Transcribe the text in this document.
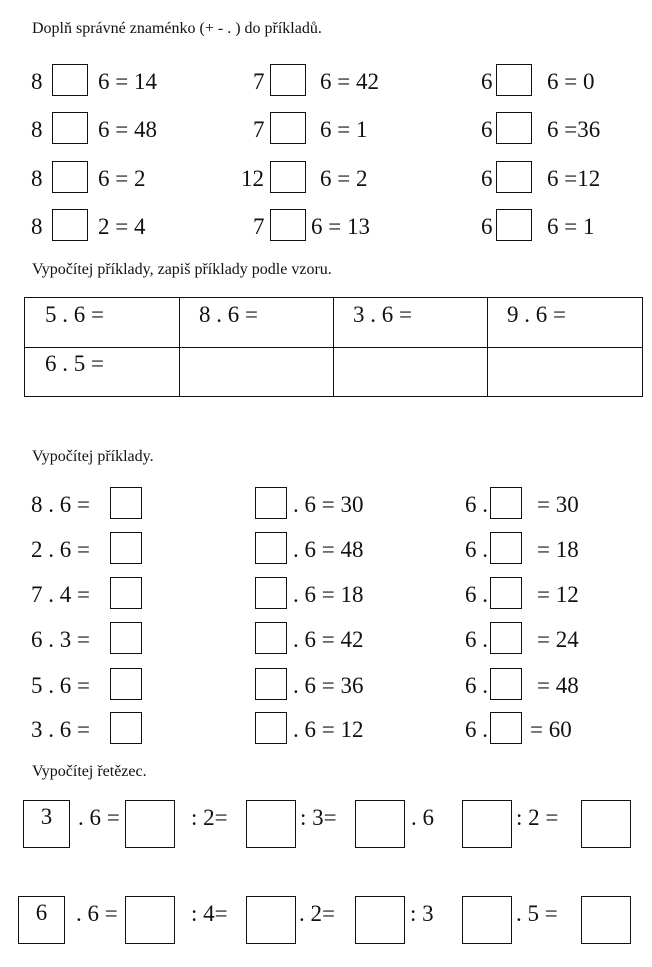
Doplň správné znaménko (+ - . ) do příkladů.
8 6 = 14	7 6 = 42	6 6 = 0
8 6 = 48	7 6 = 1	6 6 =36
8 6 = 2	12 6 = 2	6 6 =12
8 2 = 4	7 6 = 13	6 6 = 1
Vypočítej příklady, zapiš příklady podle vzoru.
5 . 6 =	8 . 6 =	3 . 6 =	9 . 6 =
6 . 5 =
Vypočítej příklady.
8 . 6 =	. 6 = 30	6 . = 30
2 . 6 =	. 6 = 48	6 . = 18
7 . 4 =	. 6 = 18	6 . = 12
6 . 3 =	. 6 = 42	6 . = 24
5 . 6 =	. 6 = 36	6 . = 48
3 . 6 =	. 6 = 12	6 . = 60
Vypočítej řetězec.
3	. 6 =	: 2=	: 3=	. 6	: 2 =
6	. 6 =	: 4=	. 2=	: 3	. 5 =
